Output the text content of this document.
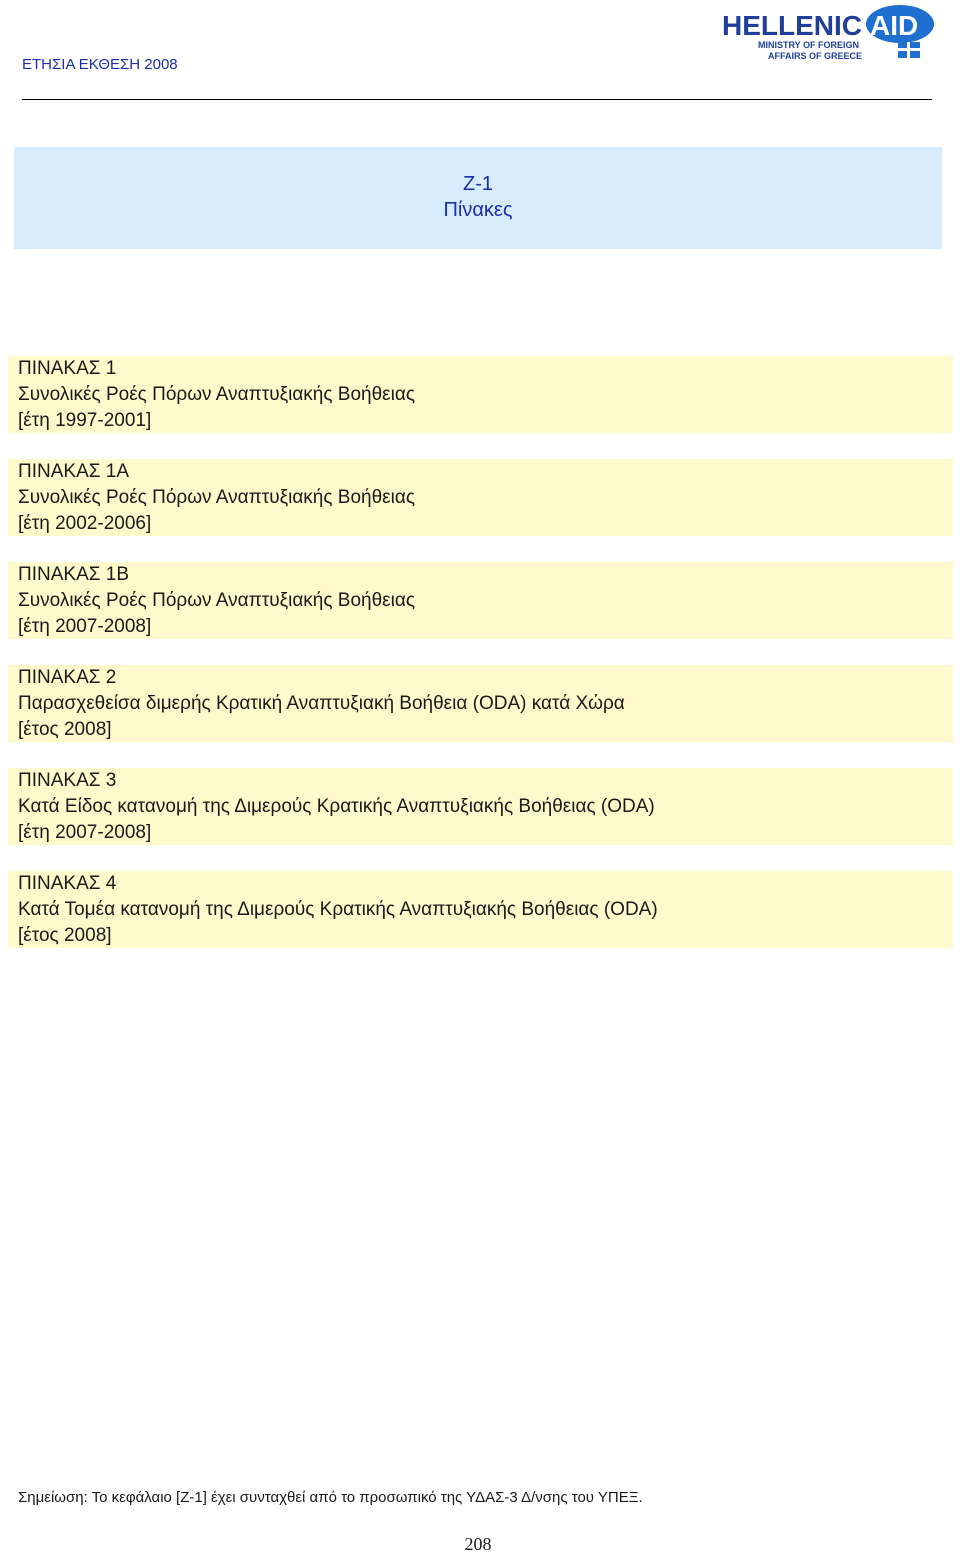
ΕΤΗΣΙΑ ΕΚΘΕΣΗ 2008
HELLENIC AID
MINISTRY OF FOREIGN
AFFAIRS OF GREECE
Ζ-1
Πίνακες
ΠΙΝΑΚΑΣ 1
Συνολικές Ροές Πόρων Αναπτυξιακής Βοήθειας
[έτη 1997-2001]
ΠΙΝΑΚΑΣ 1Α
Συνολικές Ροές Πόρων Αναπτυξιακής Βοήθειας
[έτη 2002-2006]
ΠΙΝΑΚΑΣ 1Β
Συνολικές Ροές Πόρων Αναπτυξιακής Βοήθειας
[έτη 2007-2008]
ΠΙΝΑΚΑΣ 2
Παρασχεθείσα διμερής Κρατική Αναπτυξιακή Βοήθεια (ODA) κατά Χώρα
[έτος 2008]
ΠΙΝΑΚΑΣ 3
Κατά Είδος κατανομή της Διμερούς Κρατικής Αναπτυξιακής Βοήθειας (ODA)
[έτη 2007-2008]
ΠΙΝΑΚΑΣ 4
Κατά Τομέα κατανομή της Διμερούς Κρατικής Αναπτυξιακής Βοήθειας (ODA)
[έτος 2008]
Σημείωση: Το κεφάλαιο [Ζ-1] έχει συνταχθεί από το προσωπικό της ΥΔΑΣ-3 Δ/νσης του ΥΠΕΞ.
208
